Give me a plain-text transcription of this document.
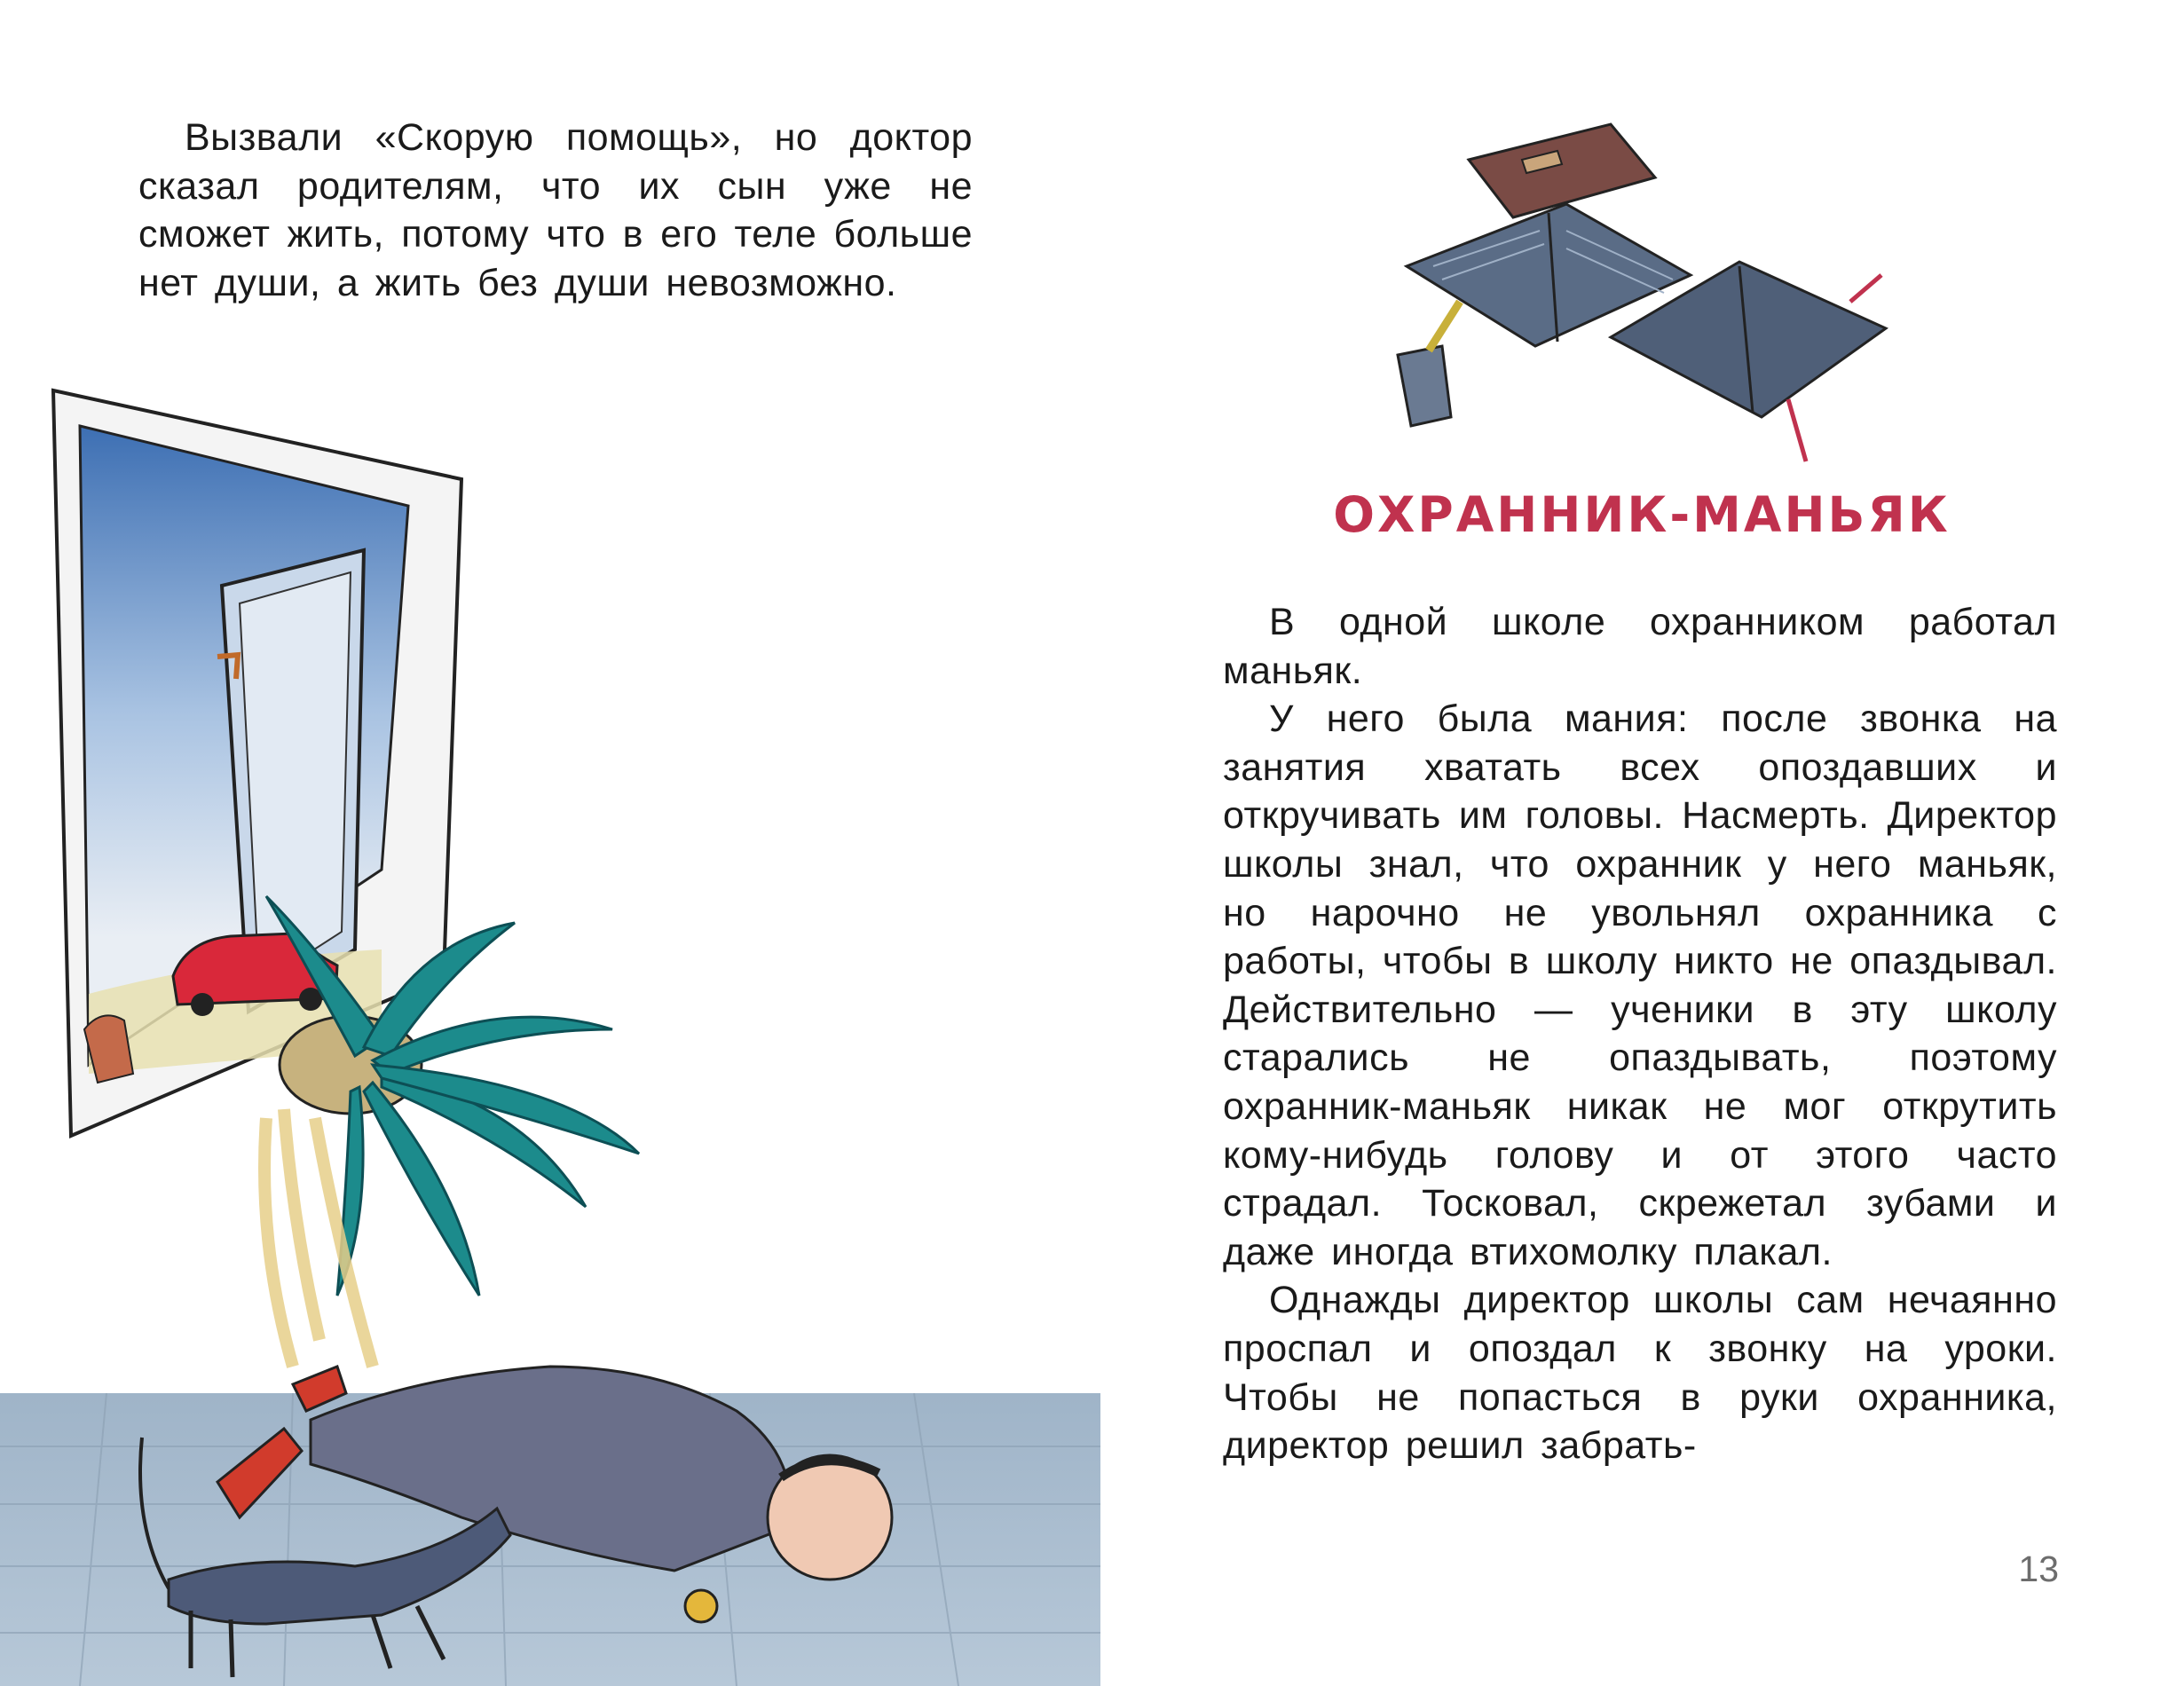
Вызвали «Скорую помощь», но доктор сказал родителям, что их сын уже не сможет жить, потому что в его теле больше нет души, а жить без души невозможно.

ОХРАННИК-МАНЬЯК

В одной школе охранником работал маньяк.

У него была мания: после звонка на занятия хватать всех опоздавших и откручивать им головы. Насмерть. Директор школы знал, что охранник у него маньяк, но нарочно не увольнял охранника с работы, чтобы в школу никто не опаздывал. Действительно — ученики в эту школу старались не опаздывать, поэтому охранник-маньяк никак не мог открутить кому-нибудь голову и от этого часто страдал. Тосковал, скрежетал зубами и даже иногда втихомолку плакал.

Однажды директор школы сам нечаянно проспал и опоздал к звонку на уроки. Чтобы не попасться в руки охранника, директор решил забрать-

13
